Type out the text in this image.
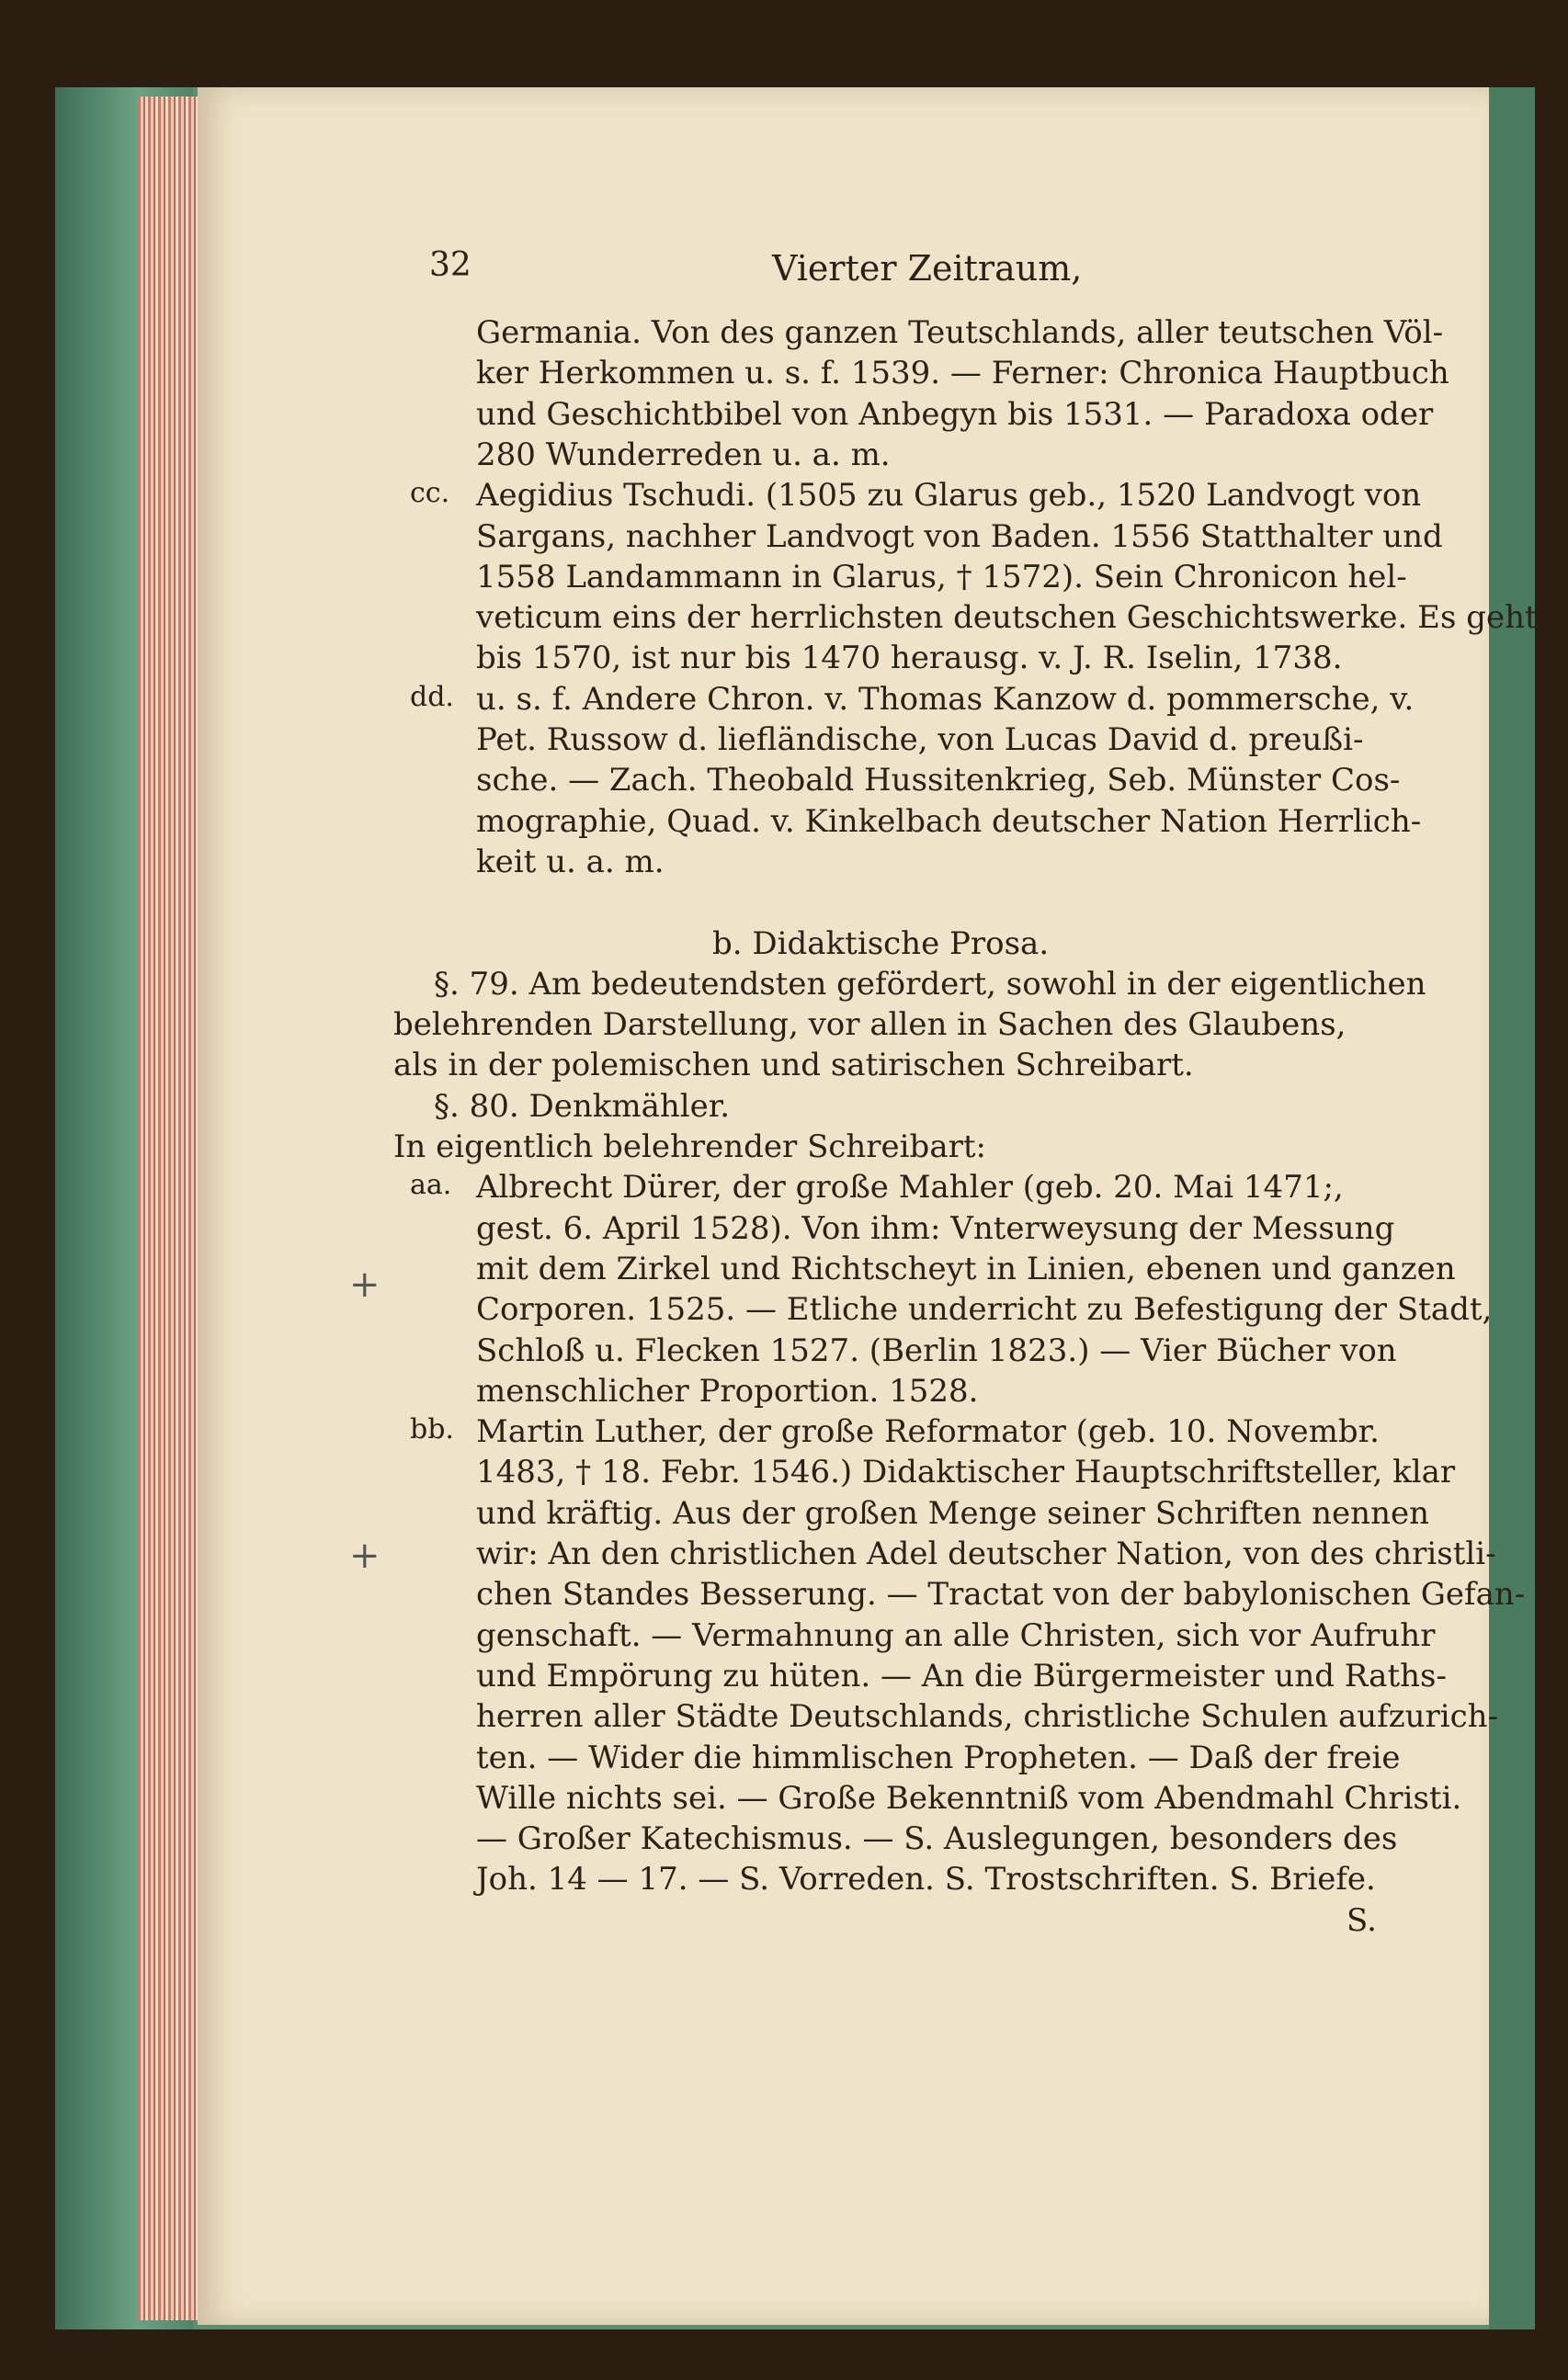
32	Vierter Zeitraum,
Germania. Von des ganzen Teutschlands, aller teutschen Völ-
ker Herkommen u. s. f. 1539. — Ferner: Chronica Hauptbuch
und Geschichtbibel von Anbegyn bis 1531. — Paradoxa oder
280 Wunderreden u. a. m.
cc. Aegidius Tschudi. (1505 zu Glarus geb., 1520 Landvogt von
Sargans, nachher Landvogt von Baden. 1556 Statthalter und
1558 Landammann in Glarus, † 1572). Sein Chronicon hel-
veticum eins der herrlichsten deutschen Geschichtswerke. Es geht
bis 1570, ist nur bis 1470 herausg. v. J. R. Iselin, 1738.
dd. u. s. f. Andere Chron. v. Thomas Kanzow d. pommersche, v.
Pet. Russow d. liefländische, von Lucas David d. preußi-
sche. — Zach. Theobald Hussitenkrieg, Seb. Münster Cos-
mographie, Quad. v. Kinkelbach deutscher Nation Herrlich-
keit u. a. m.
b. Didaktische Prosa.
§. 79. Am bedeutendsten gefördert, sowohl in der eigentlichen
belehrenden Darstellung, vor allen in Sachen des Glaubens,
als in der polemischen und satirischen Schreibart.
§. 80. Denkmähler.
In eigentlich belehrender Schreibart:
aa. Albrecht Dürer, der große Mahler (geb. 20. Mai 1471;,
gest. 6. April 1528). Von ihm: Vnterweysung der Messung
mit dem Zirkel und Richtscheyt in Linien, ebenen und ganzen
Corporen. 1525. — Etliche underricht zu Befestigung der Stadt,
Schloß u. Flecken 1527. (Berlin 1823.) — Vier Bücher von
menschlicher Proportion. 1528.
bb. Martin Luther, der große Reformator (geb. 10. Novembr.
1483, † 18. Febr. 1546.) Didaktischer Hauptschriftsteller, klar
und kräftig. Aus der großen Menge seiner Schriften nennen
wir: An den christlichen Adel deutscher Nation, von des christli-
chen Standes Besserung. — Tractat von der babylonischen Gefan-
genschaft. — Vermahnung an alle Christen, sich vor Aufruhr
und Empörung zu hüten. — An die Bürgermeister und Raths-
herren aller Städte Deutschlands, christliche Schulen aufzurich-
ten. — Wider die himmlischen Propheten. — Daß der freie
Wille nichts sei. — Große Bekenntniß vom Abendmahl Christi.
— Großer Katechismus. — S. Auslegungen, besonders des
Joh. 14 — 17. — S. Vorreden. S. Trostschriften. S. Briefe.
S.
+
+
